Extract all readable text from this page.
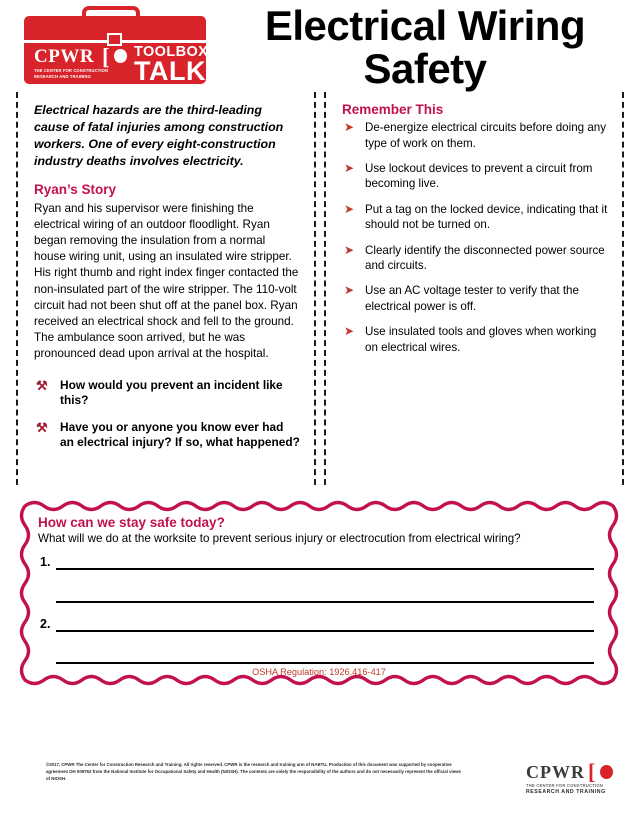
CPWR [
THE CENTER FOR CONSTRUCTION RESEARCH AND TRAINING
TOOLBOX
TALK
Electrical Wiring Safety

Electrical hazards are the third-leading cause of fatal injuries among construction workers. One of every eight-construction industry deaths involves electricity.

Ryan’s Story

Ryan and his supervisor were finishing the electrical wiring of an outdoor floodlight. Ryan began removing the insulation from a normal house wiring unit, using an insulated wire stripper. His right thumb and right index finger contacted the non-insulated part of the wire stripper. The 110-volt circuit had not been shut off at the panel box. Ryan received an electrical shock and fell to the ground. The ambulance soon arrived, but he was pronounced dead upon arrival at the hospital.

⚒ How would you prevent an incident like this?
⚒ Have you or anyone you know ever had an electrical injury? If so, what happened?
Remember This
➤ De-energize electrical circuits before doing any type of work on them.
➤ Use lockout devices to prevent a circuit from becoming live.
➤ Put a tag on the locked device, indicating that it should not be turned on.
➤ Clearly identify the disconnected power source and circuits.
➤ Use an AC voltage tester to verify that the electrical power is off.
➤ Use insulated tools and gloves when working on electrical wires.
How can we stay safe today?
What will we do at the worksite to prevent serious injury or electrocution from electrical wiring?
1.
2.
OSHA Regulation: 1926.416-417
©2017, CPWR The Center for Construction Research and Training. All rights reserved. CPWR is the research and training arm of NABTU. Production of this document was supported by cooperative agreement OH 009762 from the National Institute for Occupational Safety and Health (NIOSH). The contents are solely the responsibility of the authors and do not necessarily represent the official views of NIOSH.	CPWR [
THE CENTER FOR CONSTRUCTION
RESEARCH AND TRAINING
